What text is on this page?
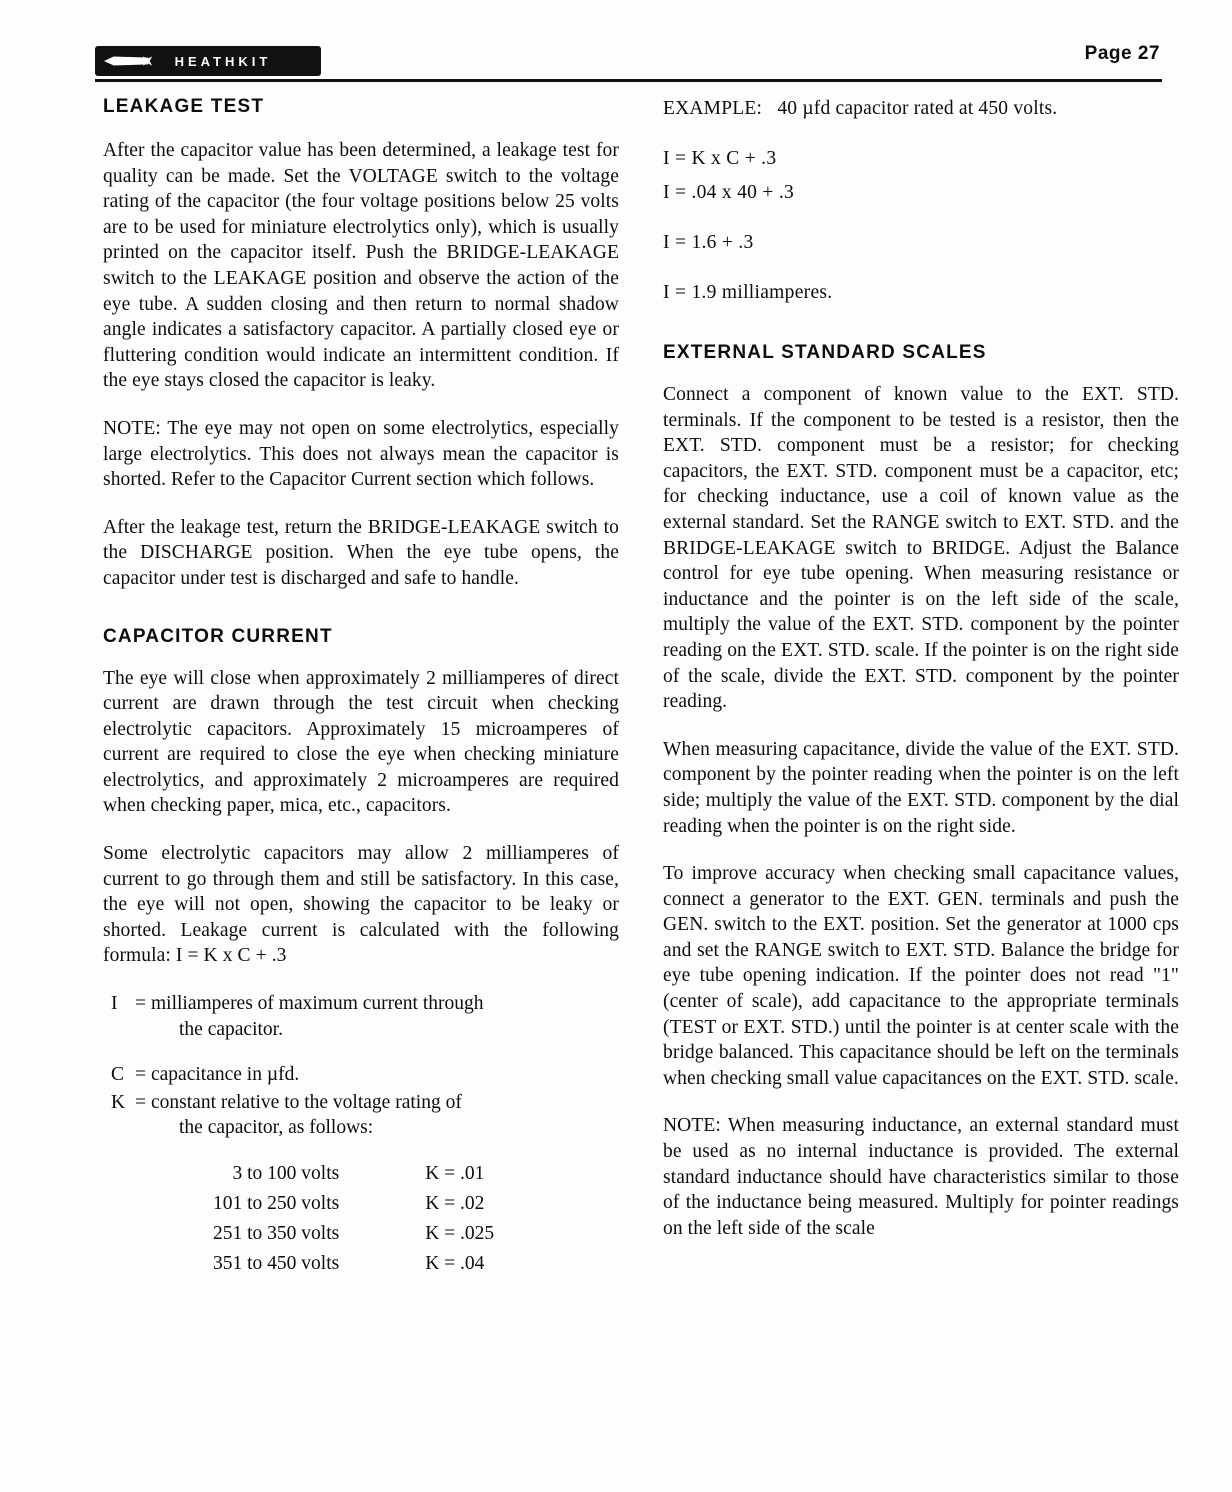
HEATHKIT	Page 27
LEAKAGE TEST

After the capacitor value has been determined, a leakage test for quality can be made. Set the VOLTAGE switch to the voltage rating of the capacitor (the four voltage positions below 25 volts are to be used for miniature electrolytics only), which is usually printed on the capacitor itself. Push the BRIDGE-LEAKAGE switch to the LEAKAGE position and observe the action of the eye tube. A sudden closing and then return to normal shadow angle indicates a satisfactory capacitor. A partially closed eye or fluttering condition would indicate an intermittent condition. If the eye stays closed the capacitor is leaky.

NOTE: The eye may not open on some electrolytics, especially large electrolytics. This does not always mean the capacitor is shorted. Refer to the Capacitor Current section which follows.

After the leakage test, return the BRIDGE-LEAKAGE switch to the DISCHARGE position. When the eye tube opens, the capacitor under test is discharged and safe to handle.

CAPACITOR CURRENT

The eye will close when approximately 2 milliamperes of direct current are drawn through the test circuit when checking electrolytic capacitors. Approximately 15 microamperes of current are required to close the eye when checking miniature electrolytics, and approximately 2 microamperes are required when checking paper, mica, etc., capacitors.

Some electrolytic capacitors may allow 2 milliamperes of current to go through them and still be satisfactory. In this case, the eye will not open, showing the capacitor to be leaky or shorted. Leakage current is calculated with the following formula: I = K x C + .3

I = milliamperes of maximum current through
the capacitor.
C = capacitance in µfd.
K = constant relative to the voltage rating of
the capacitor, as follows:
3 to 100 volts	K = .01
101 to 250 volts	K = .02
251 to 350 volts	K = .025
351 to 450 volts	K = .04

EXAMPLE: 40 µfd capacitor rated at 450 volts.

I = K x C + .3

I = .04 x 40 + .3

I = 1.6 + .3

I = 1.9 milliamperes.

EXTERNAL STANDARD SCALES

Connect a component of known value to the EXT. STD. terminals. If the component to be tested is a resistor, then the EXT. STD. component must be a resistor; for checking capacitors, the EXT. STD. component must be a capacitor, etc; for checking inductance, use a coil of known value as the external standard. Set the RANGE switch to EXT. STD. and the BRIDGE-LEAKAGE switch to BRIDGE. Adjust the Balance control for eye tube opening. When measuring resistance or inductance and the pointer is on the left side of the scale, multiply the value of the EXT. STD. component by the pointer reading on the EXT. STD. scale. If the pointer is on the right side of the scale, divide the EXT. STD. component by the pointer reading.

When measuring capacitance, divide the value of the EXT. STD. component by the pointer reading when the pointer is on the left side; multiply the value of the EXT. STD. component by the dial reading when the pointer is on the right side.

To improve accuracy when checking small capacitance values, connect a generator to the EXT. GEN. terminals and push the GEN. switch to the EXT. position. Set the generator at 1000 cps and set the RANGE switch to EXT. STD. Balance the bridge for eye tube opening indication. If the pointer does not read "1" (center of scale), add capacitance to the appropriate terminals (TEST or EXT. STD.) until the pointer is at center scale with the bridge balanced. This capacitance should be left on the terminals when checking small value capacitances on the EXT. STD. scale.

NOTE: When measuring inductance, an external standard must be used as no internal inductance is provided. The external standard inductance should have characteristics similar to those of the inductance being measured. Multiply for pointer readings on the left side of the scale
